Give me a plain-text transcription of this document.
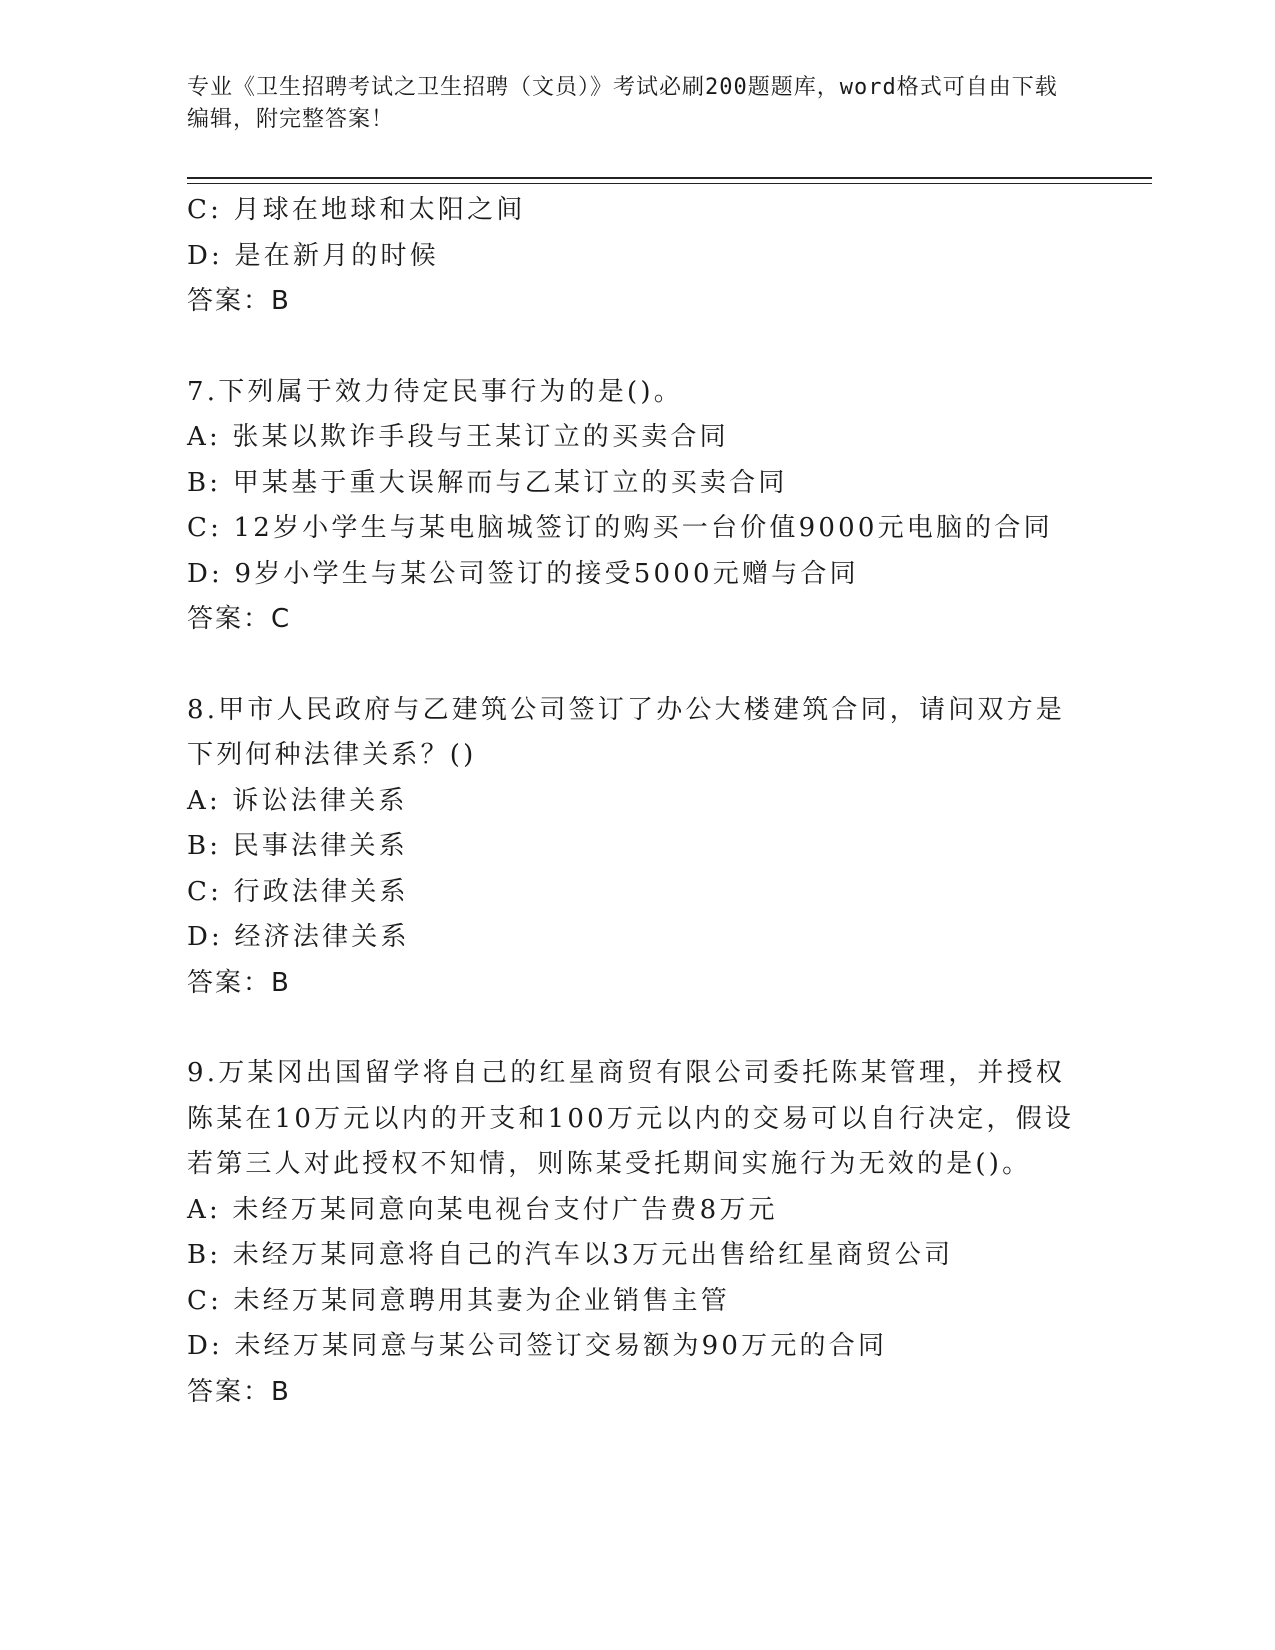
专业《卫生招聘考试之卫生招聘（文员）》考试必刷200题题库，word格式可自由下载编辑，附完整答案！
C: 月球在地球和太阳之间
D: 是在新月的时候
答案：B
7.下列属于效力待定民事行为的是()。
A: 张某以欺诈手段与王某订立的买卖合同
B: 甲某基于重大误解而与乙某订立的买卖合同
C: 12岁小学生与某电脑城签订的购买一台价值9000元电脑的合同
D: 9岁小学生与某公司签订的接受5000元赠与合同
答案：C
8.甲市人民政府与乙建筑公司签订了办公大楼建筑合同，请问双方是下列何种法律关系？()
A: 诉讼法律关系
B: 民事法律关系
C: 行政法律关系
D: 经济法律关系
答案：B
9.万某冈出国留学将自己的红星商贸有限公司委托陈某管理，并授权陈某在10万元以内的开支和100万元以内的交易可以自行决定，假设若第三人对此授权不知情，则陈某受托期间实施行为无效的是()。
A: 未经万某同意向某电视台支付广告费8万元
B: 未经万某同意将自己的汽车以3万元出售给红星商贸公司
C: 未经万某同意聘用其妻为企业销售主管
D: 未经万某同意与某公司签订交易额为90万元的合同
答案：B
